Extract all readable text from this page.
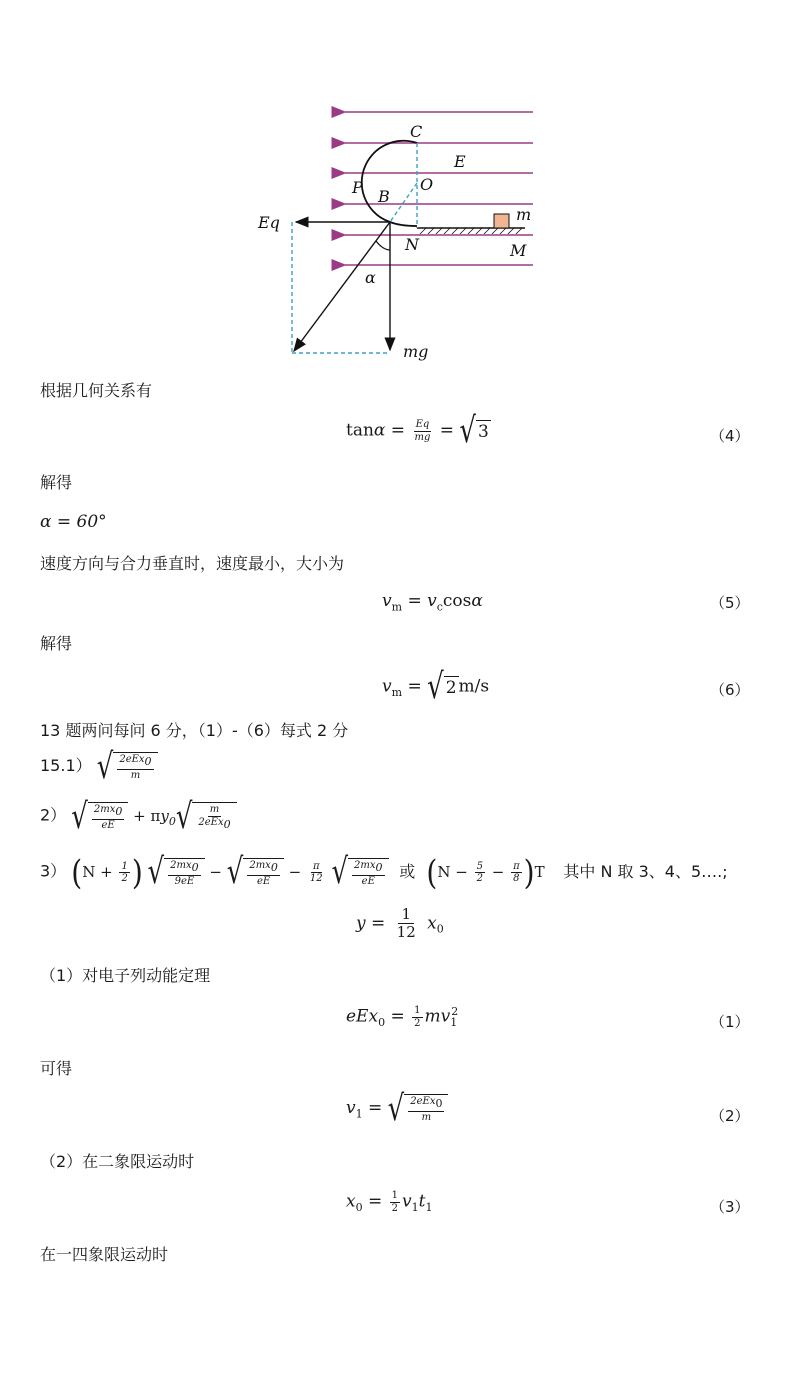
C
E
P	O
B
m
Eq
N	M
α
mg
根据几何关系有
$\tan\alpha = \frac{Eq}{mg}$ = √ 3	（4）
解得
α = 60°
速度方向与合力垂直时，速度最小，大小为
$v_m = v_c\cos\alpha$	（5）
解得
$v_m$ = √ 2 m/s	（6）
13 题两问每问 6 分，（1）-（6）每式 2 分
15.1） √ $\frac{2eEx_0}{m}$
2） √ $\frac{2mx_0}{eE} + \pi y_0$ √ $\frac{m}{2eEx_0}$
3） ($N + \frac{1}{2}$ ) √ $\frac{2mx_0}{9eE}$ − √ $\frac{2mx_0}{eE} - \frac{\pi}{12}$
√ $\frac{2mx_0}{eE}$ 或 $(N - \frac{5}{2} - \frac{\pi}{8} )T$ 其中 N 取 3、4、5….;
$y = \frac{1}{12} x_0$
（1）对电子列动能定理
$eEx_0 = \frac{1}{2} mv_1^2$
（1）
可得
$v_1$ = √ $\frac{2eEx_0}{m}$	（2）
（2）在二象限运动时
$x_0 = \frac{1}{2} v_1t_1$	（3）
在一四象限运动时
